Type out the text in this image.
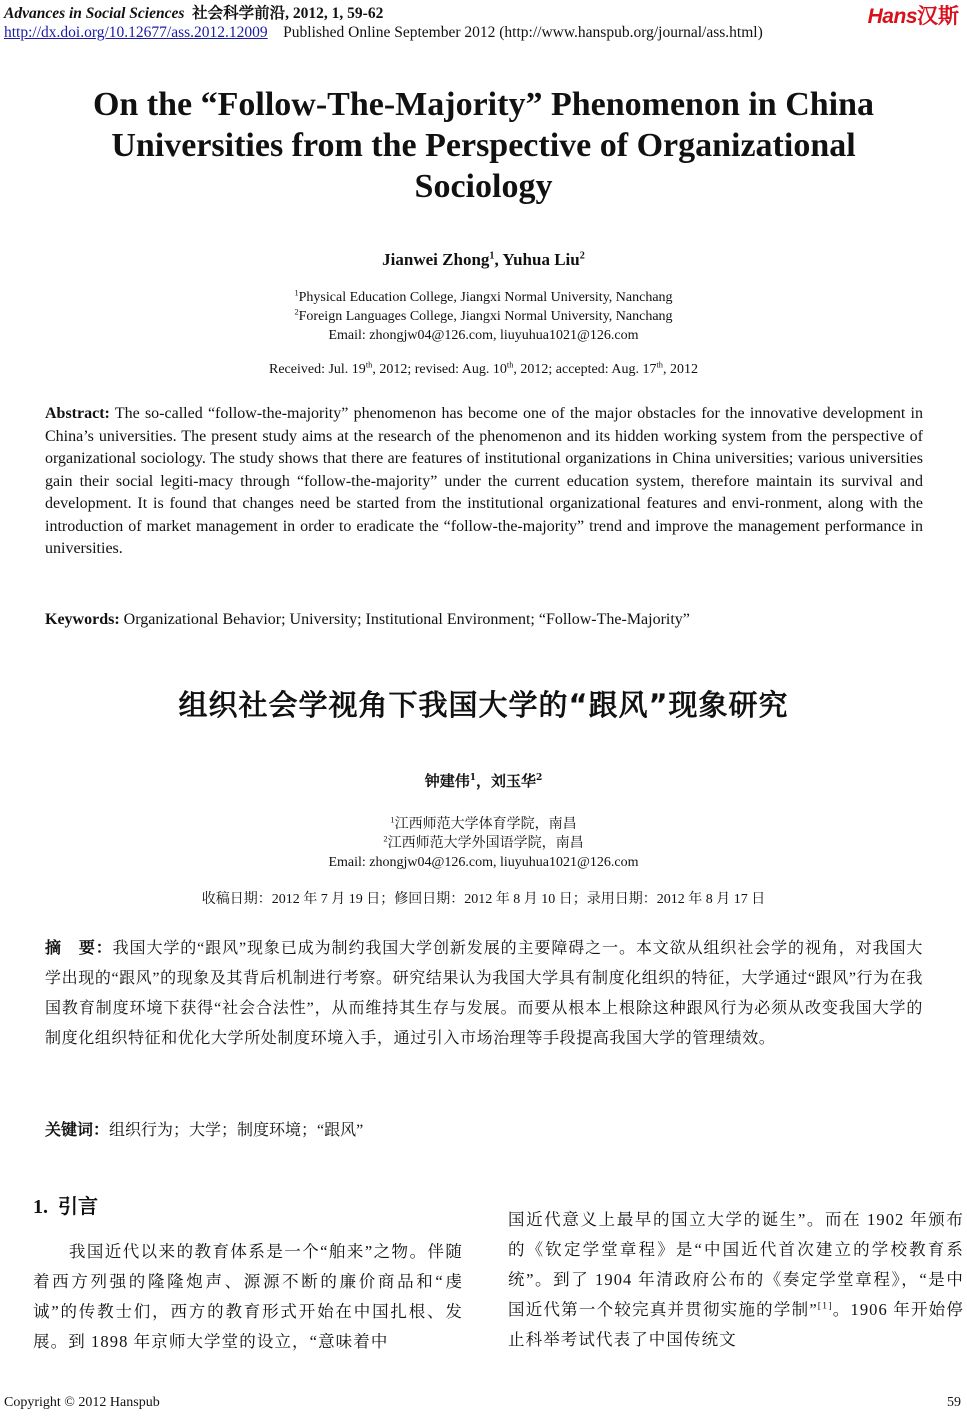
Advances in Social Sciences 社会科学前沿, 2012, 1, 59-62
http://dx.doi.org/10.12677/ass.2012.12009 Published Online September 2012 (http://www.hanspub.org/journal/ass.html)
Hans汉斯
On the “Follow-The-Majority” Phenomenon in China
Universities from the Perspective of Organizational
Sociology
Jianwei Zhong$^1$, Yuhua Liu$^2$
$^1$Physical Education College, Jiangxi Normal University, Nanchang
$^2$Foreign Languages College, Jiangxi Normal University, Nanchang
Email: zhongjw04@126.com, liuyuhua1021@126.com
Received: Jul. 19th, 2012; revised: Aug. 10th, 2012; accepted: Aug. 17th, 2012
Abstract: The so-called “follow-the-majority” phenomenon has become one of the major obstacles for the innovative development in China’s universities. The present study aims at the research of the phenomenon and its hidden working system from the perspective of organizational sociology. The study shows that there are features of institutional organizations in China universities; various universities gain their social legiti-macy through “follow-the-majority” under the current education system, therefore maintain its survival and development. It is found that changes need be started from the institutional organizational features and envi-ronment, along with the introduction of market management in order to eradicate the “follow-the-majority” trend and improve the management performance in universities.
Keywords: Organizational Behavior; University; Institutional Environment; “Follow-The-Majority”
组织社会学视角下我国大学的“跟风”现象研究
钟建伟$^1$，刘玉华$^2$
$^1$江西师范大学体育学院，南昌
$^2$江西师范大学外国语学院，南昌
Email: zhongjw04@126.com, liuyuhua1021@126.com
收稿日期：2012 年 7 月 19 日；修回日期：2012 年 8 月 10 日；录用日期：2012 年 8 月 17 日
摘　要：我国大学的“跟风”现象已成为制约我国大学创新发展的主要障碍之一。本文欲从组织社会学的视角，对我国大学出现的“跟风”的现象及其背后机制进行考察。研究结果认为我国大学具有制度化组织的特征，大学通过“跟风”行为在我国教育制度环境下获得“社会合法性”，从而维持其生存与发展。而要从根本上根除这种跟风行为必须从改变我国大学的制度化组织特征和优化大学所处制度环境入手，通过引入市场治理等手段提高我国大学的管理绩效。
关键词：组织行为；大学；制度环境；“跟风”
1. 引言
　　我国近代以来的教育体系是一个“舶来”之物。伴随着西方列强的隆隆炮声、源源不断的廉价商品和“虔诚”的传教士们，西方的教育形式开始在中国扎根、发展。到 1898 年京师大学堂的设立，“意味着中
国近代意义上最早的国立大学的诞生”。而在 1902 年颁布的《钦定学堂章程》是“中国近代首次建立的学校教育系统”。到了 1904 年清政府公布的《奏定学堂章程》，“是中国近代第一个较完真并贯彻实施的学制”[1]。1906 年开始停止科举考试代表了中国传统文
Copyright © 2012 Hanspub	59
